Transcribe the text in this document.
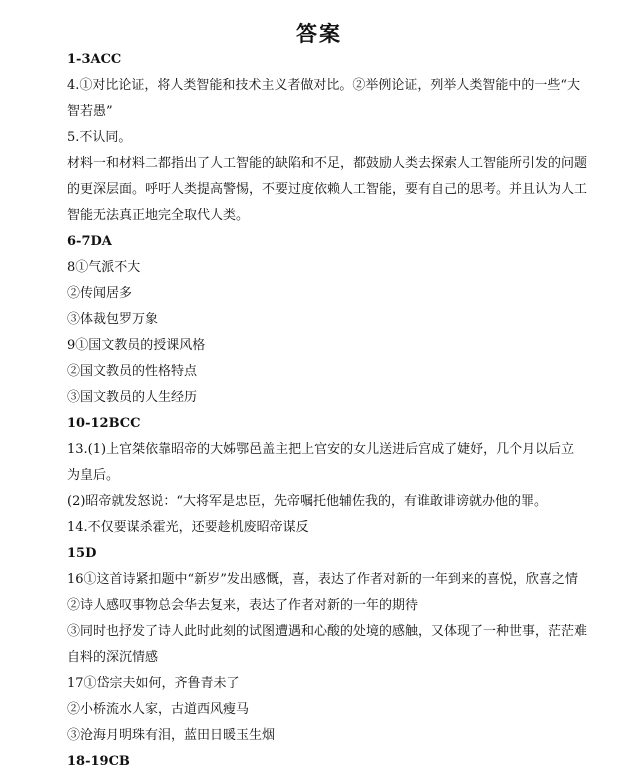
答案
1-3ACC
4.①对比论证，将人类智能和技术主义者做对比。②举例论证，列举人类智能中的一些“大
智若愚”
5.不认同。
材料一和材料二都指出了人工智能的缺陷和不足，都鼓励人类去探索人工智能所引发的问题
的更深层面。呼吁人类提高警惕，不要过度依赖人工智能，要有自己的思考。并且认为人工
智能无法真正地完全取代人类。
6-7DA
8①气派不大
②传闻居多
③体裁包罗万象
9①国文教员的授课风格
②国文教员的性格特点
③国文教员的人生经历
10-12BCC
13.(1)上官桀依靠昭帝的大姊鄂邑盖主把上官安的女儿送进后宫成了婕妤，几个月以后立
为皇后。
(2)昭帝就发怒说：“大将军是忠臣，先帝嘱托他辅佐我的，有谁敢诽谤就办他的罪。
14.不仅要谋杀霍光，还要趁机废昭帝谋反
15D
16①这首诗紧扣题中“新岁”发出感慨，喜，表达了作者对新的一年到来的喜悦，欣喜之情
②诗人感叹事物总会华去复来，表达了作者对新的一年的期待
③同时也抒发了诗人此时此刻的试图遭遇和心酸的处境的感触，又体现了一种世事，茫茫难
自料的深沉情感
17①岱宗夫如何，齐鲁青未了
②小桥流水人家，古道西风瘦马
③沧海月明珠有泪，蓝田日暖玉生烟
18-19CB
